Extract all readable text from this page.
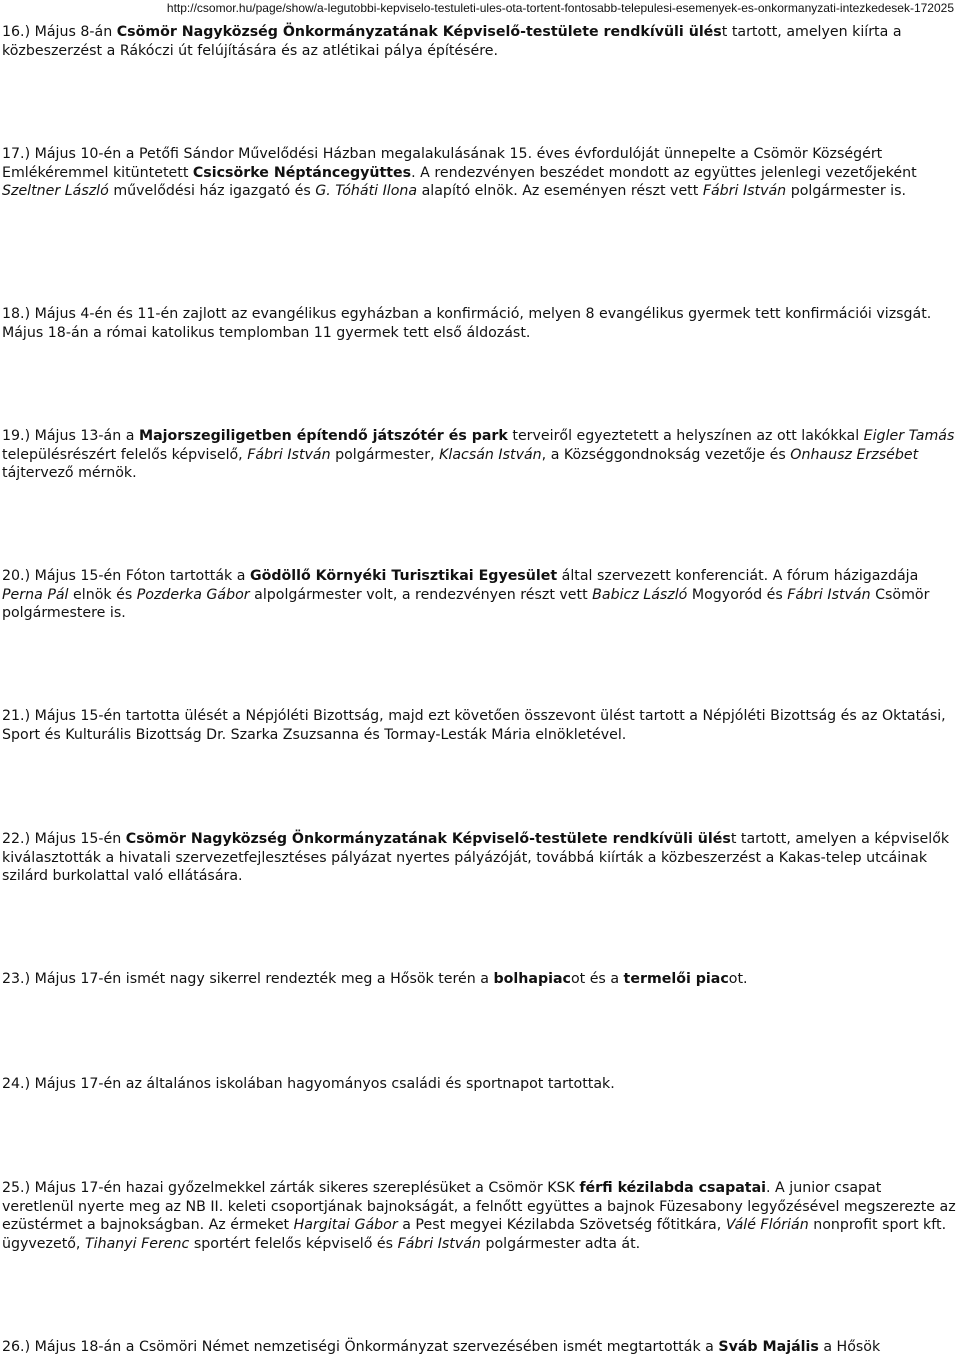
http://csomor.hu/page/show/a-legutobbi-kepviselo-testuleti-ules-ota-tortent-fontosabb-telepulesi-esemenyek-es-onkormanyzati-intezkedesek-172025

16.) Május 8-án Csömör Nagyközség Önkormányzatának Képviselő-testülete rendkívüli ülést tartott, amelyen kiírta a közbeszerzést a Rákóczi út felújítására és az atlétikai pálya építésére.

17.) Május 10-én a Petőfi Sándor Művelődési Házban megalakulásának 15. éves évfordulóját ünnepelte a Csömör Községért Emlékéremmel kitüntetett Csicsörke Néptáncegyüttes. A rendezvényen beszédet mondott az együttes jelenlegi vezetőjeként Szeltner László művelődési ház igazgató és G. Tóháti Ilona alapító elnök. Az eseményen részt vett Fábri István polgármester is.

18.) Május 4-én és 11-én zajlott az evangélikus egyházban a konfirmáció, melyen 8 evangélikus gyermek tett konfirmációi vizsgát. Május 18-án a római katolikus templomban 11 gyermek tett első áldozást.

19.) Május 13-án a Majorszegiligetben építendő játszótér és park terveiről egyeztetett a helyszínen az ott lakókkal Eigler Tamás településrészért felelős képviselő, Fábri István polgármester, Klacsán István, a Községgondnokság vezetője és Onhausz Erzsébet tájtervező mérnök.

20.) Május 15-én Fóton tartották a Gödöllő Környéki Turisztikai Egyesület által szervezett konferenciát. A fórum házigazdája Perna Pál elnök és Pozderka Gábor alpolgármester volt, a rendezvényen részt vett Babicz László Mogyoród és Fábri István Csömör polgármestere is.

21.) Május 15-én tartotta ülését a Népjóléti Bizottság, majd ezt követően összevont ülést tartott a Népjóléti Bizottság és az Oktatási, Sport és Kulturális Bizottság Dr. Szarka Zsuzsanna és Tormay-Lesták Mária elnökletével.

22.) Május 15-én Csömör Nagyközség Önkormányzatának Képviselő-testülete rendkívüli ülést tartott, amelyen a képviselők kiválasztották a hivatali szervezetfejlesztéses pályázat nyertes pályázóját, továbbá kiírták a közbeszerzést a Kakas-telep utcáinak szilárd burkolattal való ellátására.

23.) Május 17-én ismét nagy sikerrel rendezték meg a Hősök terén a bolhapiacot és a termelői piacot.

24.) Május 17-én az általános iskolában hagyományos családi és sportnapot tartottak.

25.) Május 17-én hazai győzelmekkel zárták sikeres szereplésüket a Csömör KSK férfi kézilabda csapatai. A junior csapat veretlenül nyerte meg az NB II. keleti csoportjának bajnokságát, a felnőtt együttes a bajnok Füzesabony legyőzésével megszerezte az ezüstérmet a bajnokságban. Az érmeket Hargitai Gábor a Pest megyei Kézilabda Szövetség főtitkára, Válé Flórián nonprofit sport kft. ügyvezető, Tihanyi Ferenc sportért felelős képviselő és Fábri István polgármester adta át.

26.) Május 18-án a Csömöri Német nemzetiségi Önkormányzat szervezésében ismét megtartották a Sváb Majális a Hősök
